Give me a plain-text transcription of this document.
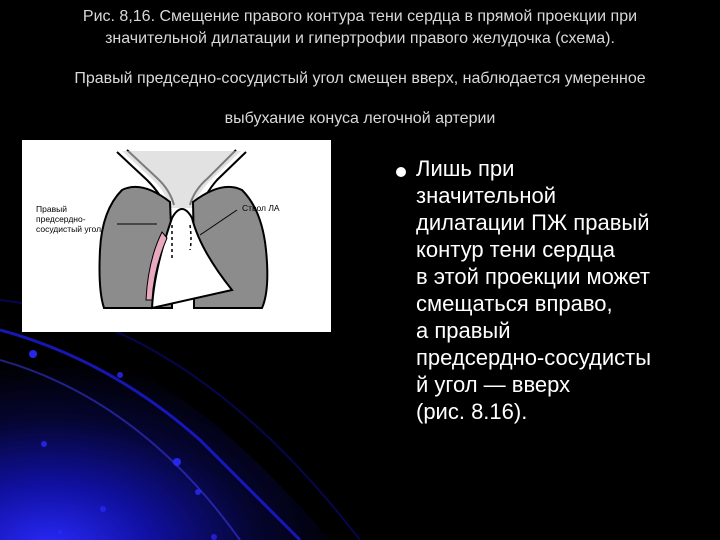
Рис. 8,16. Смещение правого контура тени сердца в прямой проекции при
значительной дилатации и гипертрофии правого желудочка (схема).
Правый председно-сосудистый угол смещен вверх, наблюдается умеренное
выбухание конуса легочной артерии
Правый
предсердно-
сосудистый угол
Ствол ЛА
Лишь при
значительной
дилатации ПЖ правый
контур тени сердца
в этой проекции может
смещаться вправо,
а правый
предсердно-сосудисты
й угол — вверх
(рис. 8.16).
